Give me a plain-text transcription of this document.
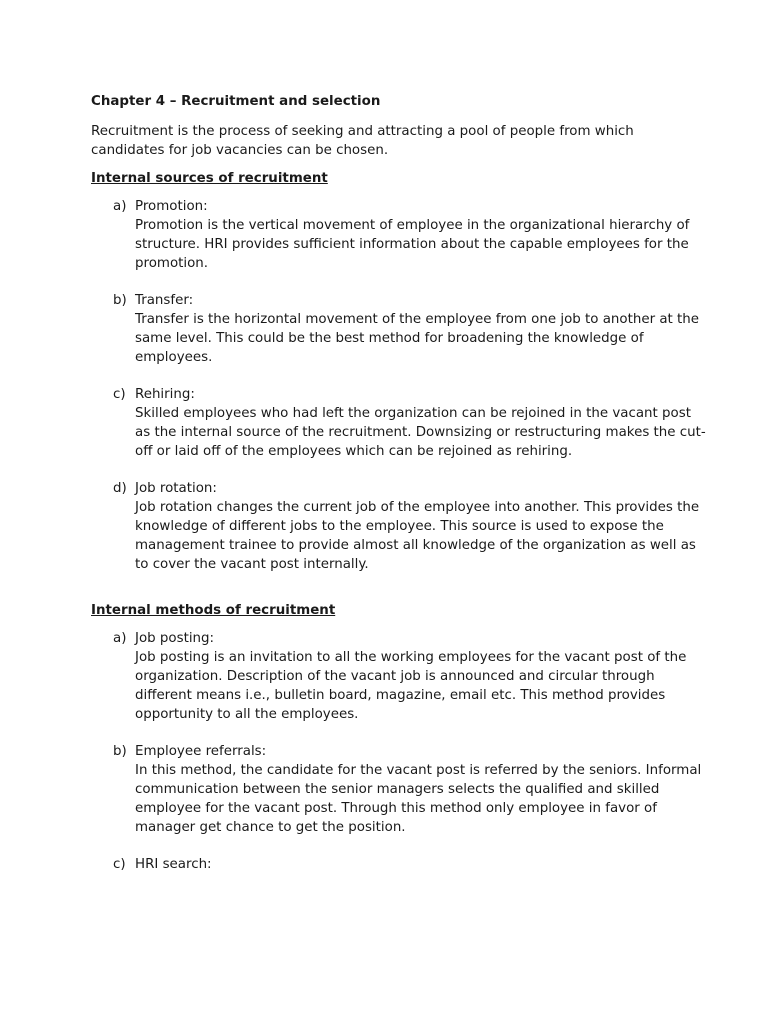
Chapter 4 – Recruitment and selection

Recruitment is the process of seeking and attracting a pool of people from which candidates for job vacancies can be chosen.

Internal sources of recruitment

a) Promotion:
Promotion is the vertical movement of employee in the organizational hierarchy of structure. HRI provides sufficient information about the capable employees for the promotion.
b) Transfer:
Transfer is the horizontal movement of the employee from one job to another at the same level. This could be the best method for broadening the knowledge of employees.
c) Rehiring:
Skilled employees who had left the organization can be rejoined in the vacant post as the internal source of the recruitment. Downsizing or restructuring makes the cut-off or laid off of the employees which can be rejoined as rehiring.
d) Job rotation:
Job rotation changes the current job of the employee into another. This provides the knowledge of different jobs to the employee. This source is used to expose the management trainee to provide almost all knowledge of the organization as well as to cover the vacant post internally.

Internal methods of recruitment

a) Job posting:
Job posting is an invitation to all the working employees for the vacant post of the organization. Description of the vacant job is announced and circular through different means i.e., bulletin board, magazine, email etc. This method provides opportunity to all the employees.
b) Employee referrals:
In this method, the candidate for the vacant post is referred by the seniors. Informal communication between the senior managers selects the qualified and skilled employee for the vacant post. Through this method only employee in favor of manager get chance to get the position.
c) HRI search:
